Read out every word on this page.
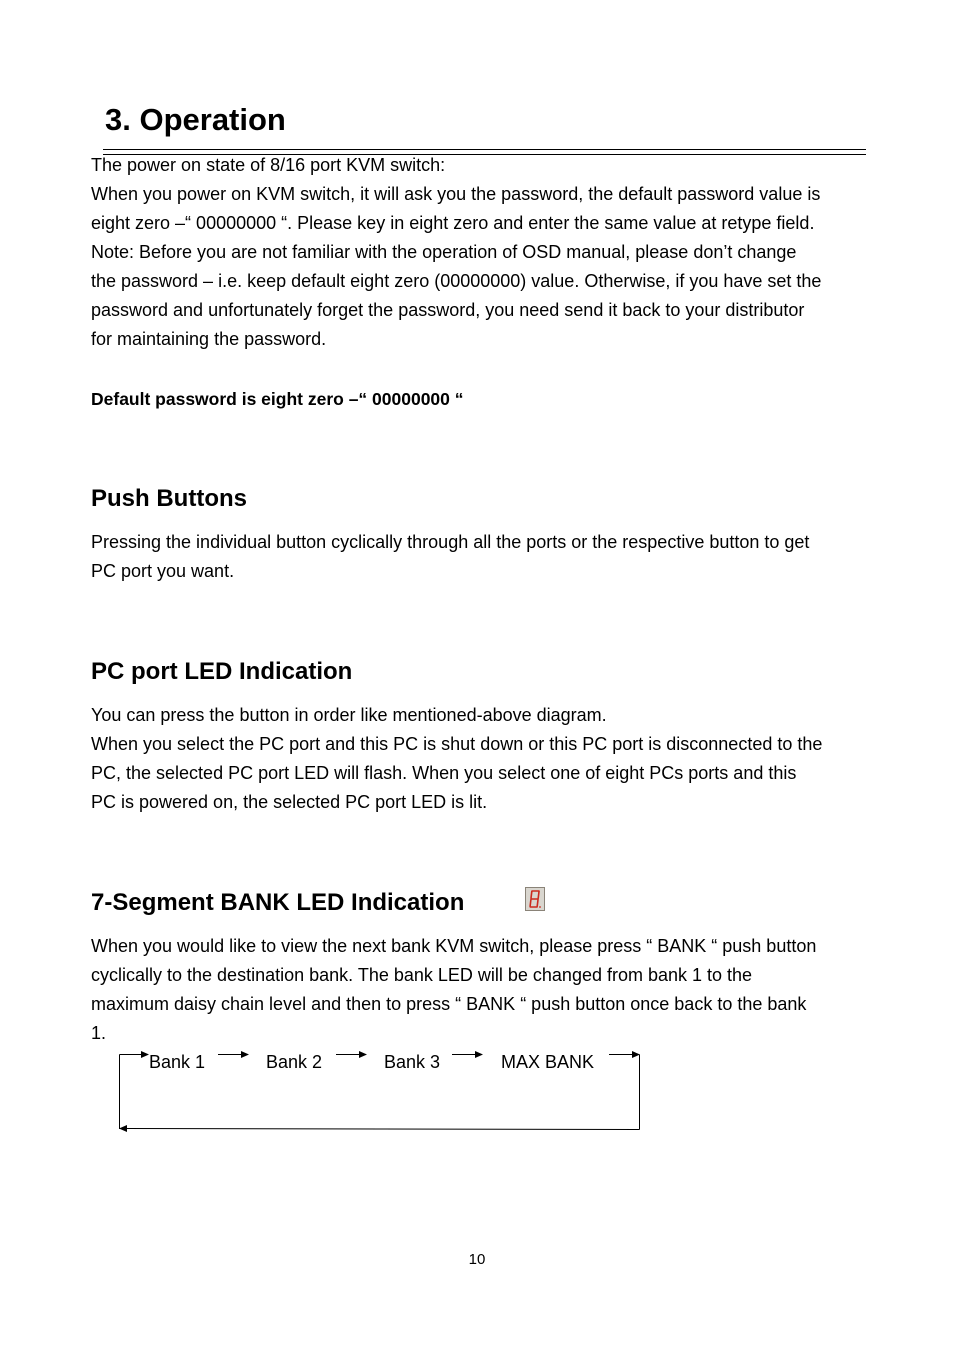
3. Operation

The power on state of 8/16 port KVM switch:

When you power on KVM switch, it will ask you the password, the default password value is

eight zero –“ 00000000 “. Please key in eight zero and enter the same value at retype field.

Note: Before you are not familiar with the operation of OSD manual, please don’t change

the password – i.e. keep default eight zero (00000000) value. Otherwise, if you have set the

password and unfortunately forget the password, you need send it back to your distributor

for maintaining the password.

Default password is eight zero –“ 00000000 “

Push Buttons

Pressing the individual button cyclically through all the ports or the respective button to get

PC port you want.

PC port LED Indication

You can press the button in order like mentioned-above diagram.

When you select the PC port and this PC is shut down or this PC port is disconnected to the

PC, the selected PC port LED will flash. When you select one of eight PCs ports and this

PC is powered on, the selected PC port LED is lit.

7-Segment BANK LED Indication

When you would like to view the next bank KVM switch, please press “ BANK “ push button

cyclically to the destination bank. The bank LED will be changed from bank 1 to the

maximum daisy chain level and then to press “ BANK “ push button once back to the bank

1.

Bank 1	Bank 2	Bank 3	MAX BANK
10
